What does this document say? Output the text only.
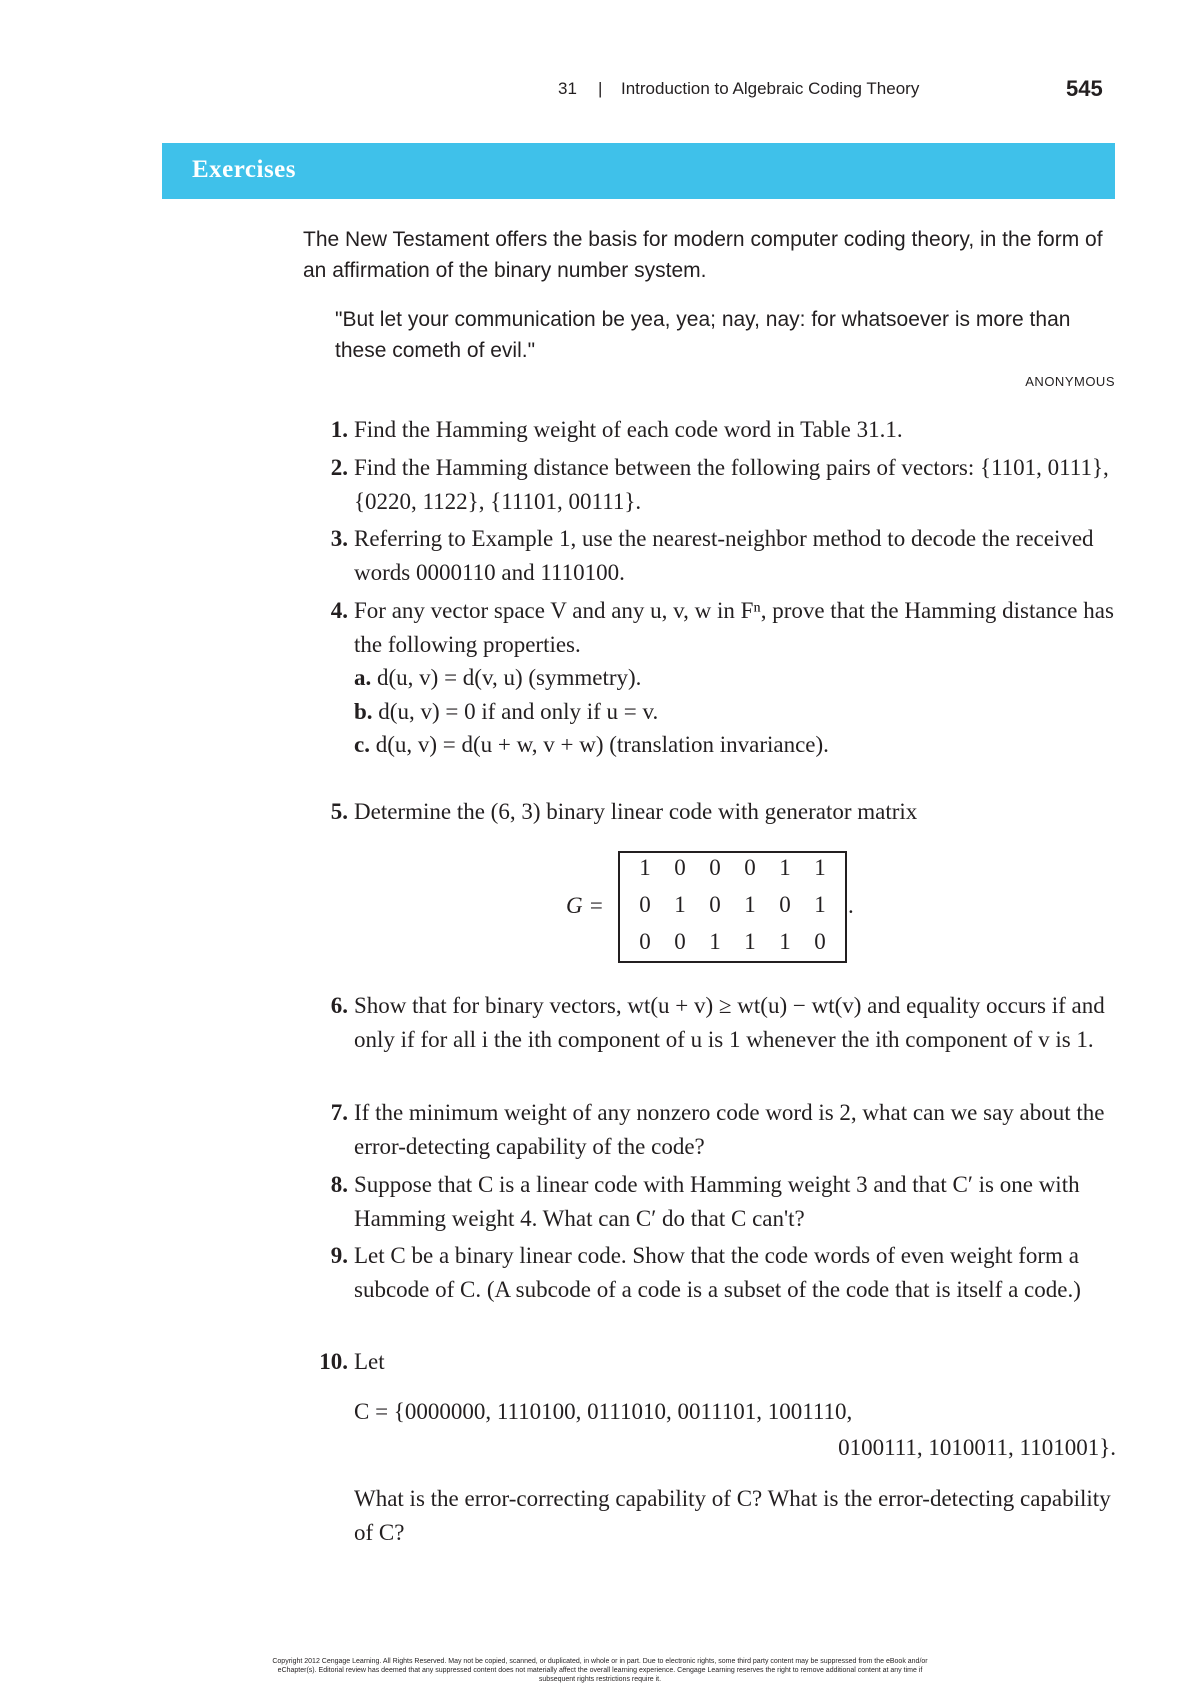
31 | Introduction to Algebraic Coding Theory	545
Exercises
The New Testament offers the basis for modern computer coding theory, in the form of an affirmation of the binary number system.
"But let your communication be yea, yea; nay, nay: for whatsoever is more than these cometh of evil."
ANONYMOUS
1. Find the Hamming weight of each code word in Table 31.1.
2. Find the Hamming distance between the following pairs of vectors: {1101, 0111}, {0220, 1122}, {11101, 00111}.
3. Referring to Example 1, use the nearest-neighbor method to decode the received words 0000110 and 1110100.
4. For any vector space V and any u, v, w in Fⁿ, prove that the Hamming distance has the following properties.
a. d(u, v) = d(v, u) (symmetry).
b. d(u, v) = 0 if and only if u = v.
c. d(u, v) = d(u + w, v + w) (translation invariance).
5. Determine the (6, 3) binary linear code with generator matrix
G =
1	0	0	0	1	1
0	1	0	1	0	1
0	0	1	1	1	0
.
6. Show that for binary vectors, wt(u + v) ≥ wt(u) − wt(v) and equality occurs if and only if for all i the ith component of u is 1 whenever the ith component of v is 1.
7. If the minimum weight of any nonzero code word is 2, what can we say about the error-detecting capability of the code?
8. Suppose that C is a linear code with Hamming weight 3 and that C′ is one with Hamming weight 4. What can C′ do that C can't?
9. Let C be a binary linear code. Show that the code words of even weight form a subcode of C. (A subcode of a code is a subset of the code that is itself a code.)
10. Let
C = {0000000, 1110100, 0111010, 0011101, 1001110,
0100111, 1010011, 1101001}.
What is the error-correcting capability of C? What is the error-detecting capability of C?
Copyright 2012 Cengage Learning. All Rights Reserved. May not be copied, scanned, or duplicated, in whole or in part. Due to electronic rights, some third party content may be suppressed from the eBook and/or eChapter(s). Editorial review has deemed that any suppressed content does not materially affect the overall learning experience. Cengage Learning reserves the right to remove additional content at any time if subsequent rights restrictions require it.
